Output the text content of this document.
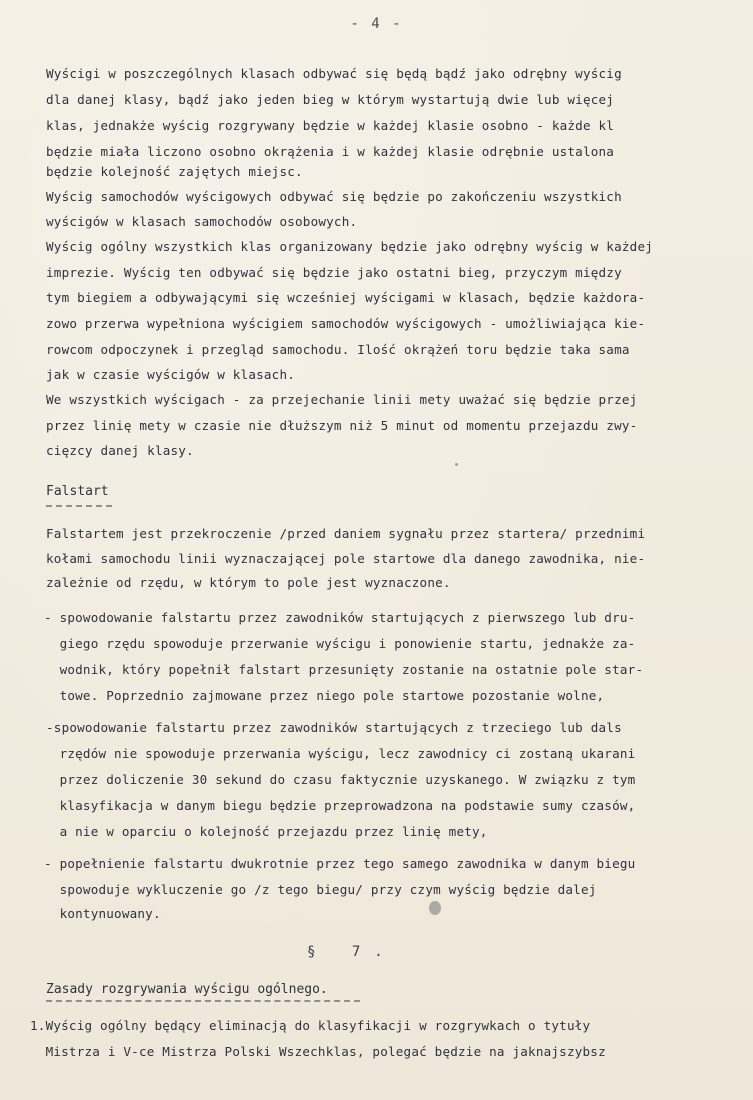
- 4 -
Wyścigi w poszczególnych klasach odbywać się będą bądź jako odrębny wyścig
dla danej klasy, bądź jako jeden bieg w którym wystartują dwie lub więcej
klas, jednakże wyścig rozgrywany będzie w każdej klasie osobno - każde kl
będzie miała liczono osobno okrążenia i w każdej klasie odrębnie ustalona
będzie kolejność zajętych miejsc.
Wyścig samochodów wyścigowych odbywać się będzie po zakończeniu wszystkich
wyścigów w klasach samochodów osobowych.
Wyścig ogólny wszystkich klas organizowany będzie jako odrębny wyścig w każdej
imprezie. Wyścig ten odbywać się będzie jako ostatni bieg, przyczym między
tym biegiem a odbywającymi się wcześniej wyścigami w klasach, będzie każdora-
zowo przerwa wypełniona wyścigiem samochodów wyścigowych - umożliwiająca kie-
rowcom odpoczynek i przegląd samochodu. Ilość okrążeń toru będzie taka sama
jak w czasie wyścigów w klasach.
We wszystkich wyścigach - za przejechanie linii mety uważać się będzie przej
przez linię mety w czasie nie dłuższym niż 5 minut od momentu przejazdu zwy-
cięzcy danej klasy.
Falstart
Falstartem jest przekroczenie /przed daniem sygnału przez startera/ przednimi
kołami samochodu linii wyznaczającej pole startowe dla danego zawodnika, nie-
zależnie od rzędu, w którym to pole jest wyznaczone.
- spowodowanie falstartu przez zawodników startujących z pierwszego lub dru-
giego rzędu spowoduje przerwanie wyścigu i ponowienie startu, jednakże za-
wodnik, który popełnił falstart przesunięty zostanie na ostatnie pole star-
towe. Poprzednio zajmowane przez niego pole startowe pozostanie wolne,
-spowodowanie falstartu przez zawodników startujących z trzeciego lub dals
rzędów nie spowoduje przerwania wyścigu, lecz zawodnicy ci zostaną ukarani
przez doliczenie 30 sekund do czasu faktycznie uzyskanego. W związku z tym
klasyfikacja w danym biegu będzie przeprowadzona na podstawie sumy czasów,
a nie w oparciu o kolejność przejazdu przez linię mety,
- popełnienie falstartu dwukrotnie przez tego samego zawodnika w danym biegu
spowoduje wykluczenie go /z tego biegu/ przy czym wyścig będzie dalej
kontynuowany.
§ 7.
Zasady rozgrywania wyścigu ogólnego.
1.Wyścig ogólny będący eliminacją do klasyfikacji w rozgrywkach o tytuły
Mistrza i V-ce Mistrza Polski Wszechklas, polegać będzie na jaknajszybsz
